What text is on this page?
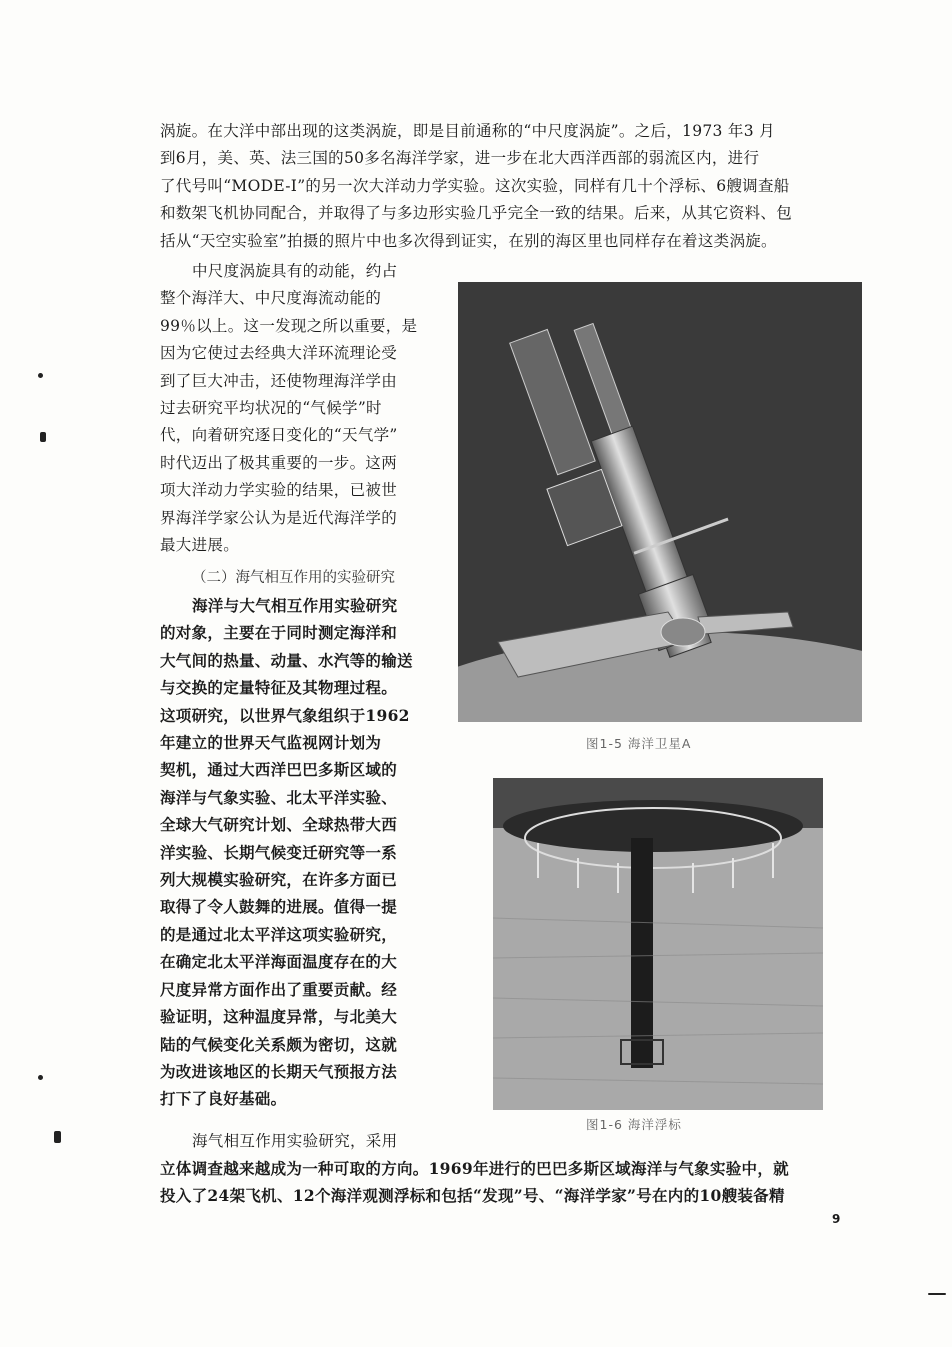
涡旋。在大洋中部出现的这类涡旋，即是目前通称的“中尺度涡旋”。之后，1973 年3 月
到6月，美、英、法三国的50多名海洋学家，进一步在北大西洋西部的弱流区内，进行
了代号叫“MODE-I”的另一次大洋动力学实验。这次实验，同样有几十个浮标、6艘调查船
和数架飞机协同配合，并取得了与多边形实验几乎完全一致的结果。后来，从其它资料、包
括从“天空实验室”拍摄的照片中也多次得到证实，在别的海区里也同样存在着这类涡旋。
中尺度涡旋具有的动能，约占
整个海洋大、中尺度海流动能的
99％以上。这一发现之所以重要，是
因为它使过去经典大洋环流理论受
到了巨大冲击，还使物理海洋学由
过去研究平均状况的“气候学”时
代，向着研究逐日变化的“天气学”
时代迈出了极其重要的一步。这两
项大洋动力学实验的结果，已被世
界海洋学家公认为是近代海洋学的
最大进展。
（二）海气相互作用的实验研究
海洋与大气相互作用实验研究
的对象，主要在于同时测定海洋和
大气间的热量、动量、水汽等的输送
与交换的定量特征及其物理过程。
这项研究，以世界气象组织于1962
年建立的世界天气监视网计划为
契机，通过大西洋巴巴多斯区域的
海洋与气象实验、北太平洋实验、
全球大气研究计划、全球热带大西
洋实验、长期气候变迁研究等一系
列大规模实验研究，在许多方面已
取得了令人鼓舞的进展。值得一提
的是通过北太平洋这项实验研究，
在确定北太平洋海面温度存在的大
尺度异常方面作出了重要贡献。经
验证明，这种温度异常，与北美大
陆的气候变化关系颇为密切，这就
为改进该地区的长期天气预报方法
打下了良好基础。
海气相互作用实验研究，采用
立体调查越来越成为一种可取的方向。1969年进行的巴巴多斯区域海洋与气象实验中，就
投入了24架飞机、12个海洋观测浮标和包括“发现”号、“海洋学家”号在内的10艘装备精
图1-5 海洋卫星A
图1-6 海洋浮标
9
